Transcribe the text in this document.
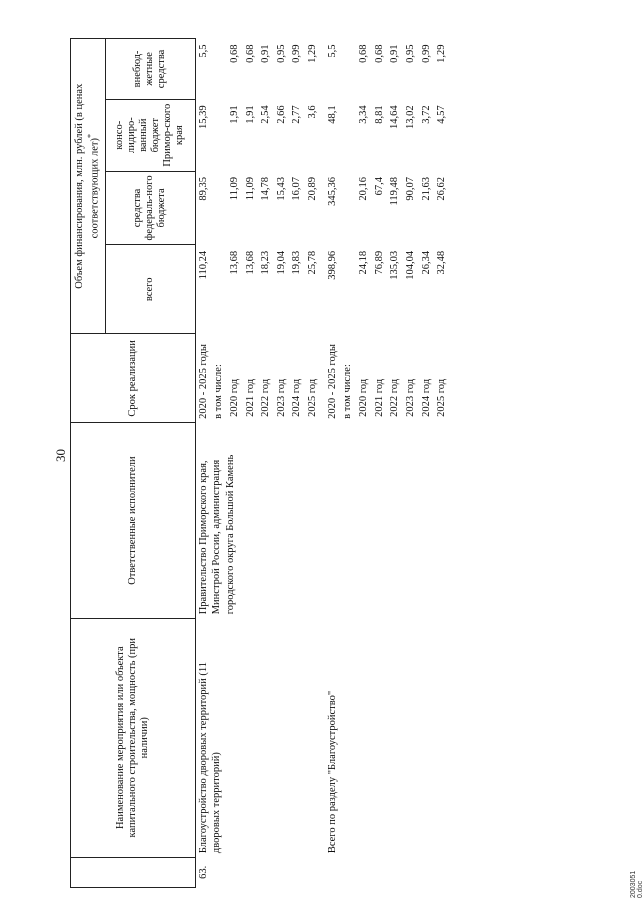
30
2003051 0.doc
	Наименование мероприятия или объекта капитального строительства, мощность (при наличии)	Ответственные исполнители	Срок реализации	Объем финансирования, млн. рублей (в ценах соответствующих лет)*
				всего	средства федераль-ного бюджета	консо-лидиро-ванный бюджет Примор-ского края	внебюд-жетные средства
63.	Благоустройство дворовых территорий (11 дворовых территорий)	Правительство Приморского края, Минстрой России, администрация городского округа Большой Камень	2020 - 2025 годы	110,24	89,35	15,39	5,5
			в том числе:				
			2020 год	13,68	11,09	1,91	0,68
			2021 год	13,68	11,09	1,91	0,68
			2022 год	18,23	14,78	2,54	0,91
			2023 год	19,04	15,43	2,66	0,95
			2024 год	19,83	16,07	2,77	0,99
			2025 год	25,78	20,89	3,6	1,29

	Всего по разделу "Благоустройство"		2020 - 2025 годы	398,96	345,36	48,1	5,5
			в том числе:				
			2020 год	24,18	20,16	3,34	0,68
			2021 год	76,89	67,4	8,81	0,68
			2022 год	135,03	119,48	14,64	0,91
			2023 год	104,04	90,07	13,02	0,95
			2024 год	26,34	21,63	3,72	0,99
			2025 год	32,48	26,62	4,57	1,29
